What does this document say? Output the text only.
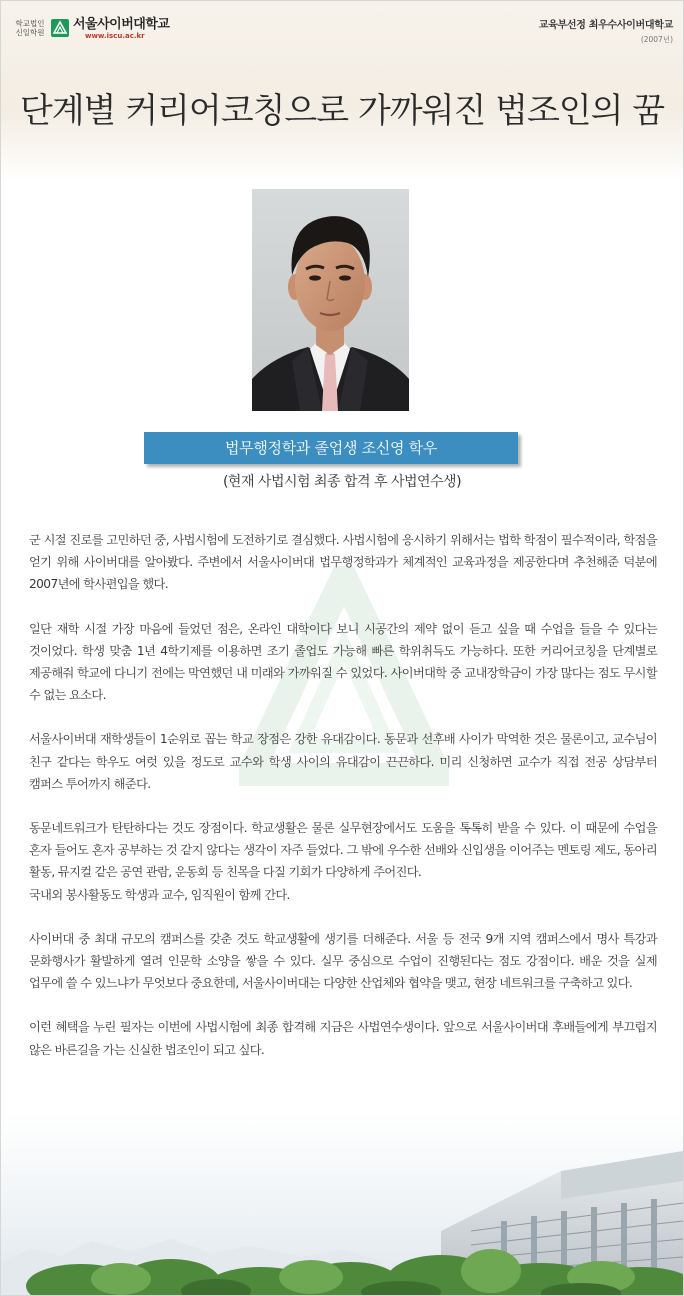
학교법인
신일학원
서울사이버대학교
www.iscu.ac.kr
교육부선정 최우수사이버대학교
(2007년)
단계별 커리어코칭으로 가까워진 법조인의 꿈
법무행정학과 졸업생 조신영 학우
(현재 사법시험 최종 합격 후 사법연수생)

군 시절 진로를 고민하던 중, 사법시험에 도전하기로 결심했다. 사법시험에 응시하기 위해서는 법학 학점이 필수적이라, 학점을 얻기 위해 사이버대를 알아봤다. 주변에서 서울사이버대 법무행정학과가 체계적인 교육과정을 제공한다며 추천해준 덕분에 2007년에 학사편입을 했다.

일단 재학 시절 가장 마음에 들었던 점은, 온라인 대학이다 보니 시공간의 제약 없이 듣고 싶을 때 수업을 들을 수 있다는 것이었다. 학생 맞춤 1년 4학기제를 이용하면 조기 졸업도 가능해 빠른 학위취득도 가능하다. 또한 커리어코칭을 단계별로 제공해줘 학교에 다니기 전에는 막연했던 내 미래와 가까워질 수 있었다. 사이버대학 중 교내장학금이 가장 많다는 점도 무시할 수 없는 요소다.

서울사이버대 재학생들이 1순위로 꼽는 학교 장점은 강한 유대감이다. 동문과 선후배 사이가 막역한 것은 물론이고, 교수님이 친구 같다는 학우도 여럿 있을 정도로 교수와 학생 사이의 유대감이 끈끈하다. 미리 신청하면 교수가 직접 전공 상담부터 캠퍼스 투어까지 해준다.

동문네트워크가 탄탄하다는 것도 장점이다. 학교생활은 물론 실무현장에서도 도움을 톡톡히 받을 수 있다. 이 때문에 수업을 혼자 들어도 혼자 공부하는 것 같지 않다는 생각이 자주 들었다. 그 밖에 우수한 선배와 신입생을 이어주는 멘토링 제도, 동아리 활동, 뮤지컬 같은 공연 관람, 운동회 등 친목을 다질 기회가 다양하게 주어진다.
국내외 봉사활동도 학생과 교수, 임직원이 함께 간다.

사이버대 중 최대 규모의 캠퍼스를 갖춘 것도 학교생활에 생기를 더해준다. 서울 등 전국 9개 지역 캠퍼스에서 명사 특강과 문화행사가 활발하게 열려 인문학 소양을 쌓을 수 있다. 실무 중심으로 수업이 진행된다는 점도 강점이다. 배운 것을 실제 업무에 쓸 수 있느냐가 무엇보다 중요한데, 서울사이버대는 다양한 산업체와 협약을 맺고, 현장 네트워크를 구축하고 있다.

이런 혜택을 누린 필자는 이번에 사법시험에 최종 합격해 지금은 사법연수생이다. 앞으로 서울사이버대 후배들에게 부끄럽지 않은 바른길을 가는 신실한 법조인이 되고 싶다.
